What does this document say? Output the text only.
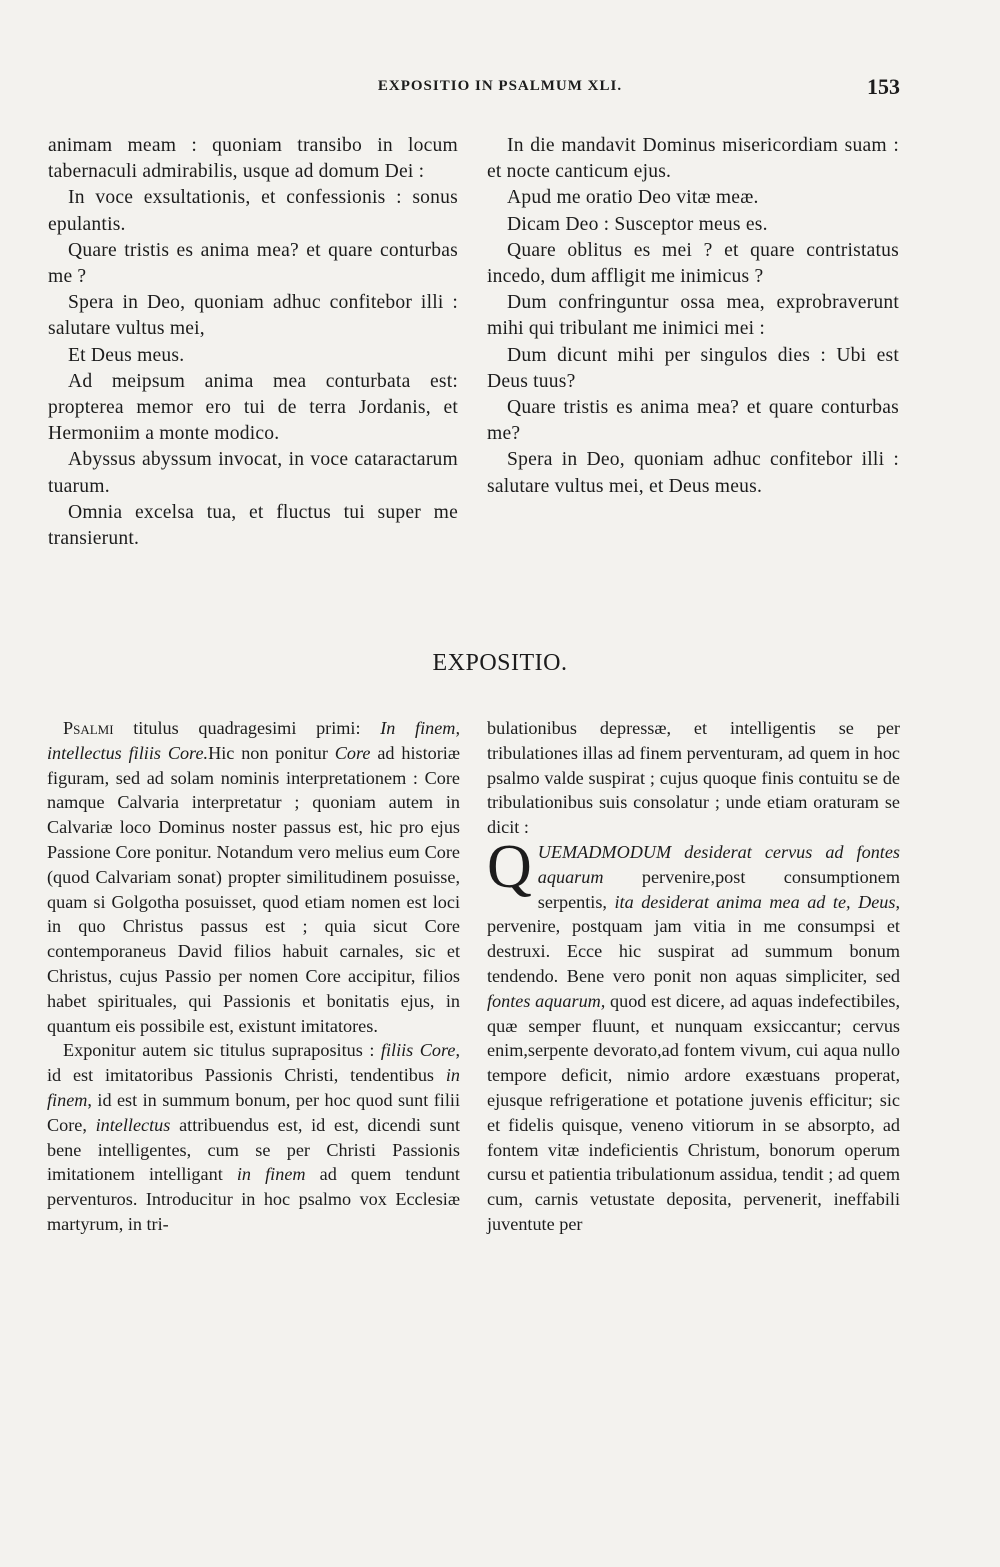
EXPOSITIO IN PSALMUM XLI.	153

animam meam : quoniam transibo in locum tabernaculi admirabilis, usque ad domum Dei :

In voce exsultationis, et confessionis : sonus epulantis.

Quare tristis es anima mea? et quare conturbas me ?

Spera in Deo, quoniam adhuc confitebor illi : salutare vultus mei,

Et Deus meus.

Ad meipsum anima mea conturbata est: propterea memor ero tui de terra Jordanis, et Hermoniim a monte modico.

Abyssus abyssum invocat, in voce cataractarum tuarum.

Omnia excelsa tua, et fluctus tui super me transierunt.

In die mandavit Dominus misericordiam suam : et nocte canticum ejus.

Apud me oratio Deo vitæ meæ.

Dicam Deo : Susceptor meus es.

Quare oblitus es mei ? et quare contristatus incedo, dum affligit me inimicus ?

Dum confringuntur ossa mea, exprobraverunt mihi qui tribulant me inimici mei :

Dum dicunt mihi per singulos dies : Ubi est Deus tuus?

Quare tristis es anima mea? et quare conturbas me?

Spera in Deo, quoniam adhuc confitebor illi : salutare vultus mei, et Deus meus.

EXPOSITIO.

Psalmi titulus quadragesimi primi: In finem, intellectus filiis Core.Hic non ponitur Core ad historiæ figuram, sed ad solam nominis interpretationem : Core namque Calvaria interpretatur ; quoniam autem in Calvariæ loco Dominus noster passus est, hic pro ejus Passione Core ponitur. Notandum vero melius eum Core (quod Calvariam sonat) propter similitudinem posuisse, quam si Golgotha posuisset, quod etiam nomen est loci in quo Christus passus est ; quia sicut Core contemporaneus David filios habuit carnales, sic et Christus, cujus Passio per nomen Core accipitur, filios habet spirituales, qui Passionis et bonitatis ejus, in quantum eis possibile est, existunt imitatores.

Exponitur autem sic titulus suprapositus : filiis Core, id est imitatoribus Passionis Christi, tendentibus in finem, id est in summum bonum, per hoc quod sunt filii Core, intellectus attribuendus est, id est, dicendi sunt bene intelligentes, cum se per Christi Passionis imitationem intelligant in finem ad quem tendunt perventuros. Introducitur in hoc psalmo vox Ecclesiæ martyrum, in tri-

bulationibus depressæ, et intelligentis se per tribulationes illas ad finem perventuram, ad quem in hoc psalmo valde suspirat ; cujus quoque finis contuitu se de tribulationibus suis consolatur ; unde etiam oraturam se dicit :

QUEMADMODUM desiderat cervus ad fontes aquarum pervenire,post consumptionem serpentis, ita desiderat anima mea ad te, Deus, pervenire, postquam jam vitia in me consumpsi et destruxi. Ecce hic suspirat ad summum bonum tendendo. Bene vero ponit non aquas simpliciter, sed fontes aquarum, quod est dicere, ad aquas indefectibiles, quæ semper fluunt, et nunquam exsiccantur; cervus enim,serpente devorato,ad fontem vivum, cui aqua nullo tempore deficit, nimio ardore exæstuans properat, ejusque refrigeratione et potatione juvenis efficitur; sic et fidelis quisque, veneno vitiorum in se absorpto, ad fontem vitæ indeficientis Christum, bonorum operum cursu et patientia tribulationum assidua, tendit ; ad quem cum, carnis vetustate deposita, pervenerit, ineffabili juventute per
